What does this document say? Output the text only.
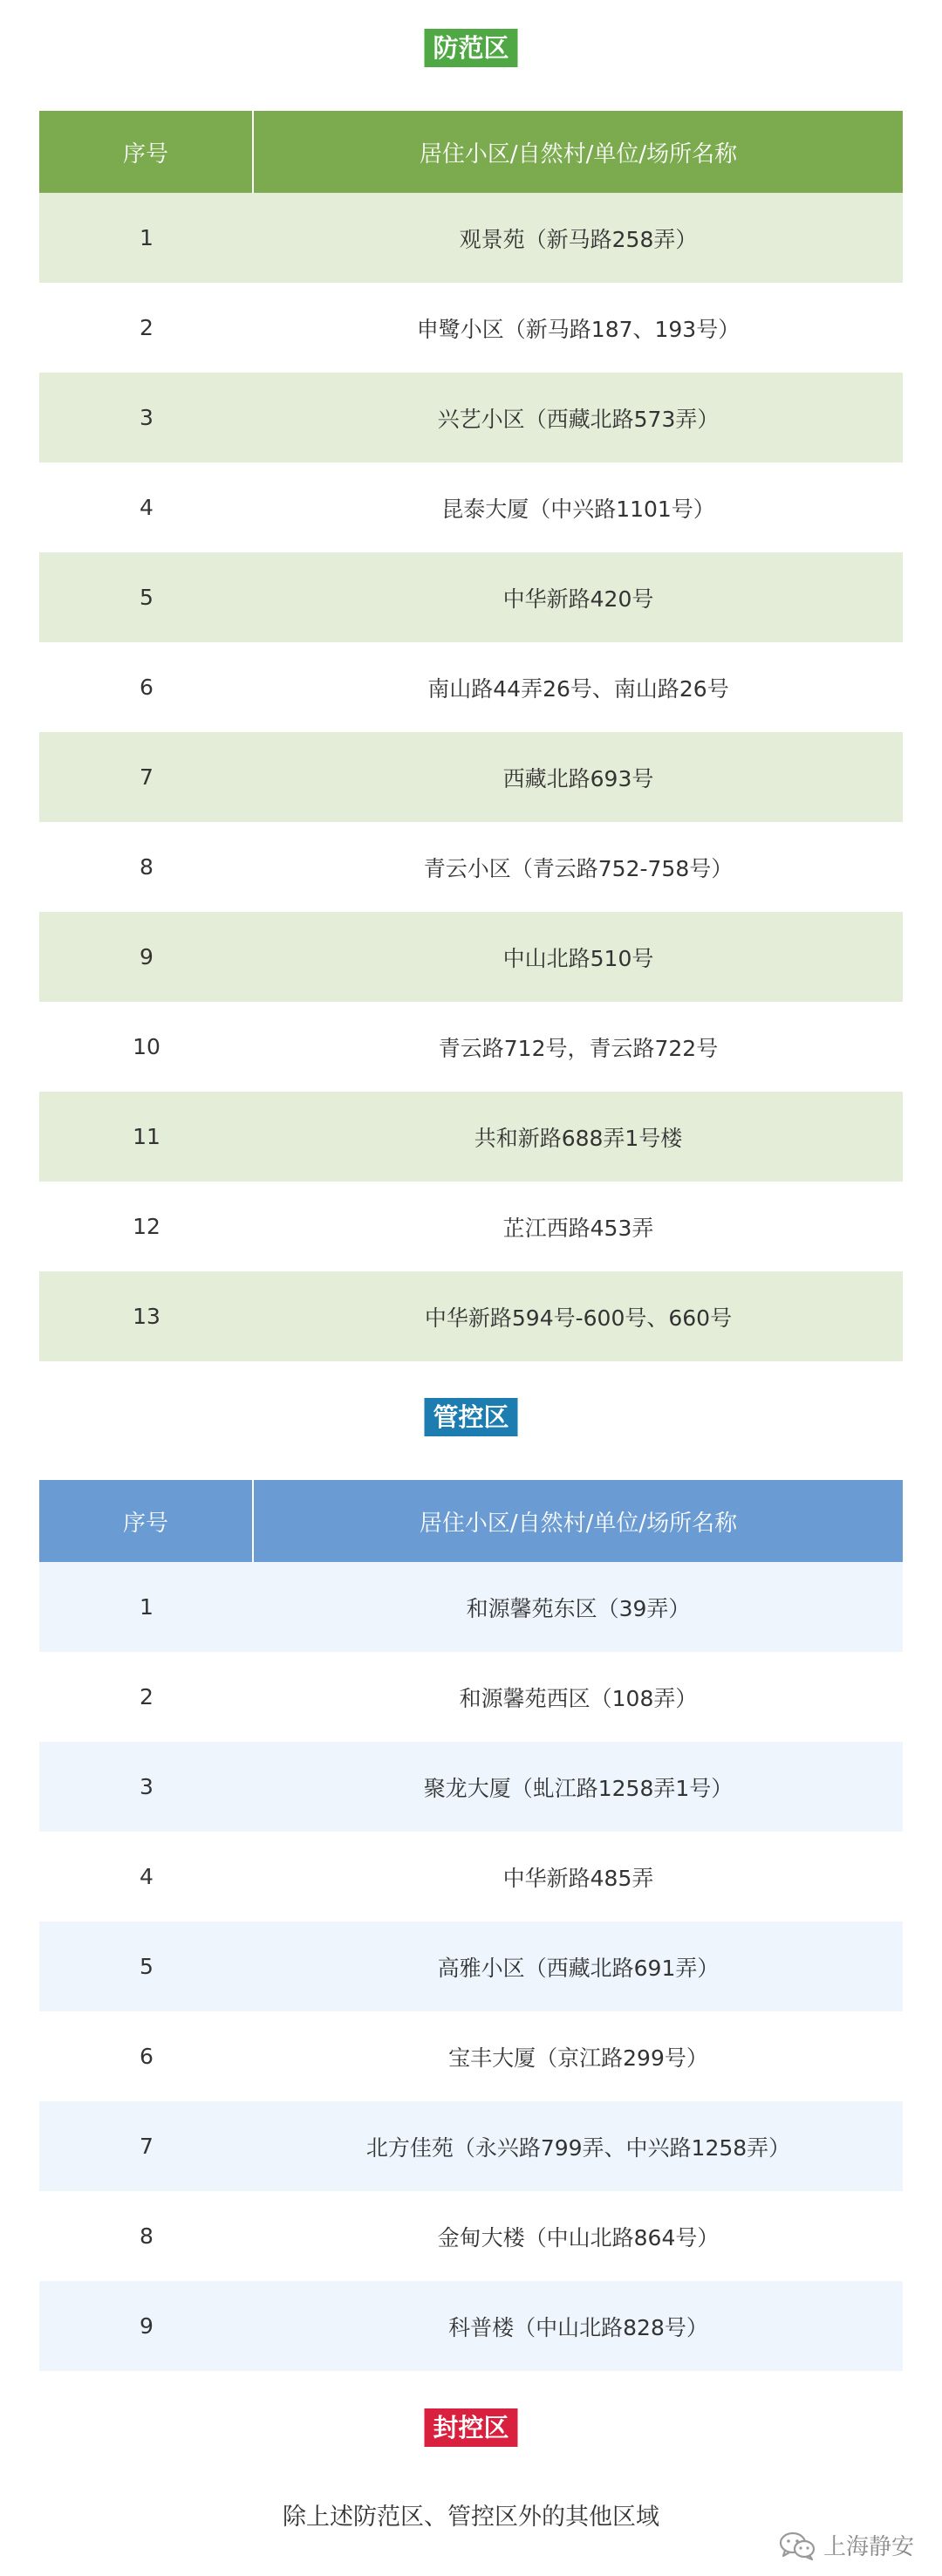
防范区
序号	居住小区/自然村/单位/场所名称
1	观景苑（新马路258弄）
2	申鹭小区（新马路187、193号）
3	兴艺小区（西藏北路573弄）
4	昆泰大厦（中兴路1101号）
5	中华新路420号
6	南山路44弄26号、南山路26号
7	西藏北路693号
8	青云小区（青云路752-758号）
9	中山北路510号
10	青云路712号，青云路722号
11	共和新路688弄1号楼
12	芷江西路453弄
13	中华新路594号-600号、660号
管控区
序号	居住小区/自然村/单位/场所名称
1	和源馨苑东区（39弄）
2	和源馨苑西区（108弄）
3	聚龙大厦（虬江路1258弄1号）
4	中华新路485弄
5	高雅小区（西藏北路691弄）
6	宝丰大厦（京江路299号）
7	北方佳苑（永兴路799弄、中兴路1258弄）
8	金甸大楼（中山北路864号）
9	科普楼（中山北路828号）
封控区
除上述防范区、管控区外的其他区域
上海静安
